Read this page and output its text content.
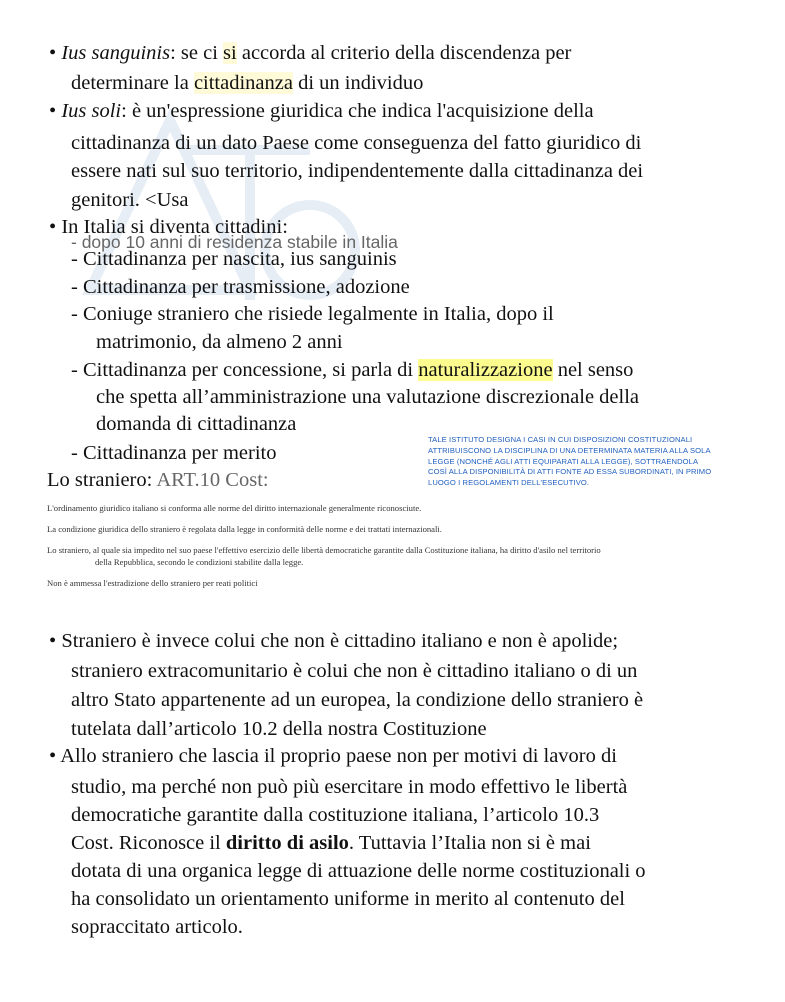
• Ius sanguinis: se ci si accorda al criterio della discendenza per
determinare la cittadinanza di un individuo
• Ius soli: è un'espressione giuridica che indica l'acquisizione della
cittadinanza di un dato Paese come conseguenza del fatto giuridico di
essere nati sul suo territorio, indipendentemente dalla cittadinanza dei
genitori. <Usa
• In Italia si diventa cittadini:
- dopo 10 anni di residenza stabile in Italia
- Cittadinanza per nascita, ius sanguinis
- Cittadinanza per trasmissione, adozione
- Coniuge straniero che risiede legalmente in Italia, dopo il
matrimonio, da almeno 2 anni
- Cittadinanza per concessione, si parla di naturalizzazione nel senso
che spetta all’amministrazione una valutazione discrezionale della
domanda di cittadinanza
- Cittadinanza per merito
Lo straniero: ART.10 Cost:
TALE ISTITUTO DESIGNA I CASI IN CUI DISPOSIZIONI COSTITUZIONALI ATTRIBUISCONO LA DISCIPLINA DI UNA DETERMINATA MATERIA ALLA SOLA LEGGE (NONCHÉ AGLI ATTI EQUIPARATI ALLA LEGGE), SOTTRAENDOLA COSÌ ALLA DISPONIBILITÀ DI ATTI FONTE AD ESSA SUBORDINATI, IN PRIMO LUOGO I REGOLAMENTI DELL'ESECUTIVO.
L'ordinamento giuridico italiano si conforma alle norme del diritto internazionale generalmente riconosciute.
La condizione giuridica dello straniero è regolata dalla legge in conformità delle norme e dei trattati internazionali.
Lo straniero, al quale sia impedito nel suo paese l'effettivo esercizio delle libertà democratiche garantite dalla Costituzione italiana, ha diritto d'asilo nel territorio
della Repubblica, secondo le condizioni stabilite dalla legge.
Non è ammessa l'estradizione dello straniero per reati politici
• Straniero è invece colui che non è cittadino italiano e non è apolide;
straniero extracomunitario è colui che non è cittadino italiano o di un
altro Stato appartenente ad un europea, la condizione dello straniero è
tutelata dall’articolo 10.2 della nostra Costituzione
• Allo straniero che lascia il proprio paese non per motivi di lavoro di
studio, ma perché non può più esercitare in modo effettivo le libertà
democratiche garantite dalla costituzione italiana, l’articolo 10.3
Cost. Riconosce il diritto di asilo. Tuttavia l’Italia non si è mai
dotata di una organica legge di attuazione delle norme costituzionali o
ha consolidato un orientamento uniforme in merito al contenuto del
sopraccitato articolo.
